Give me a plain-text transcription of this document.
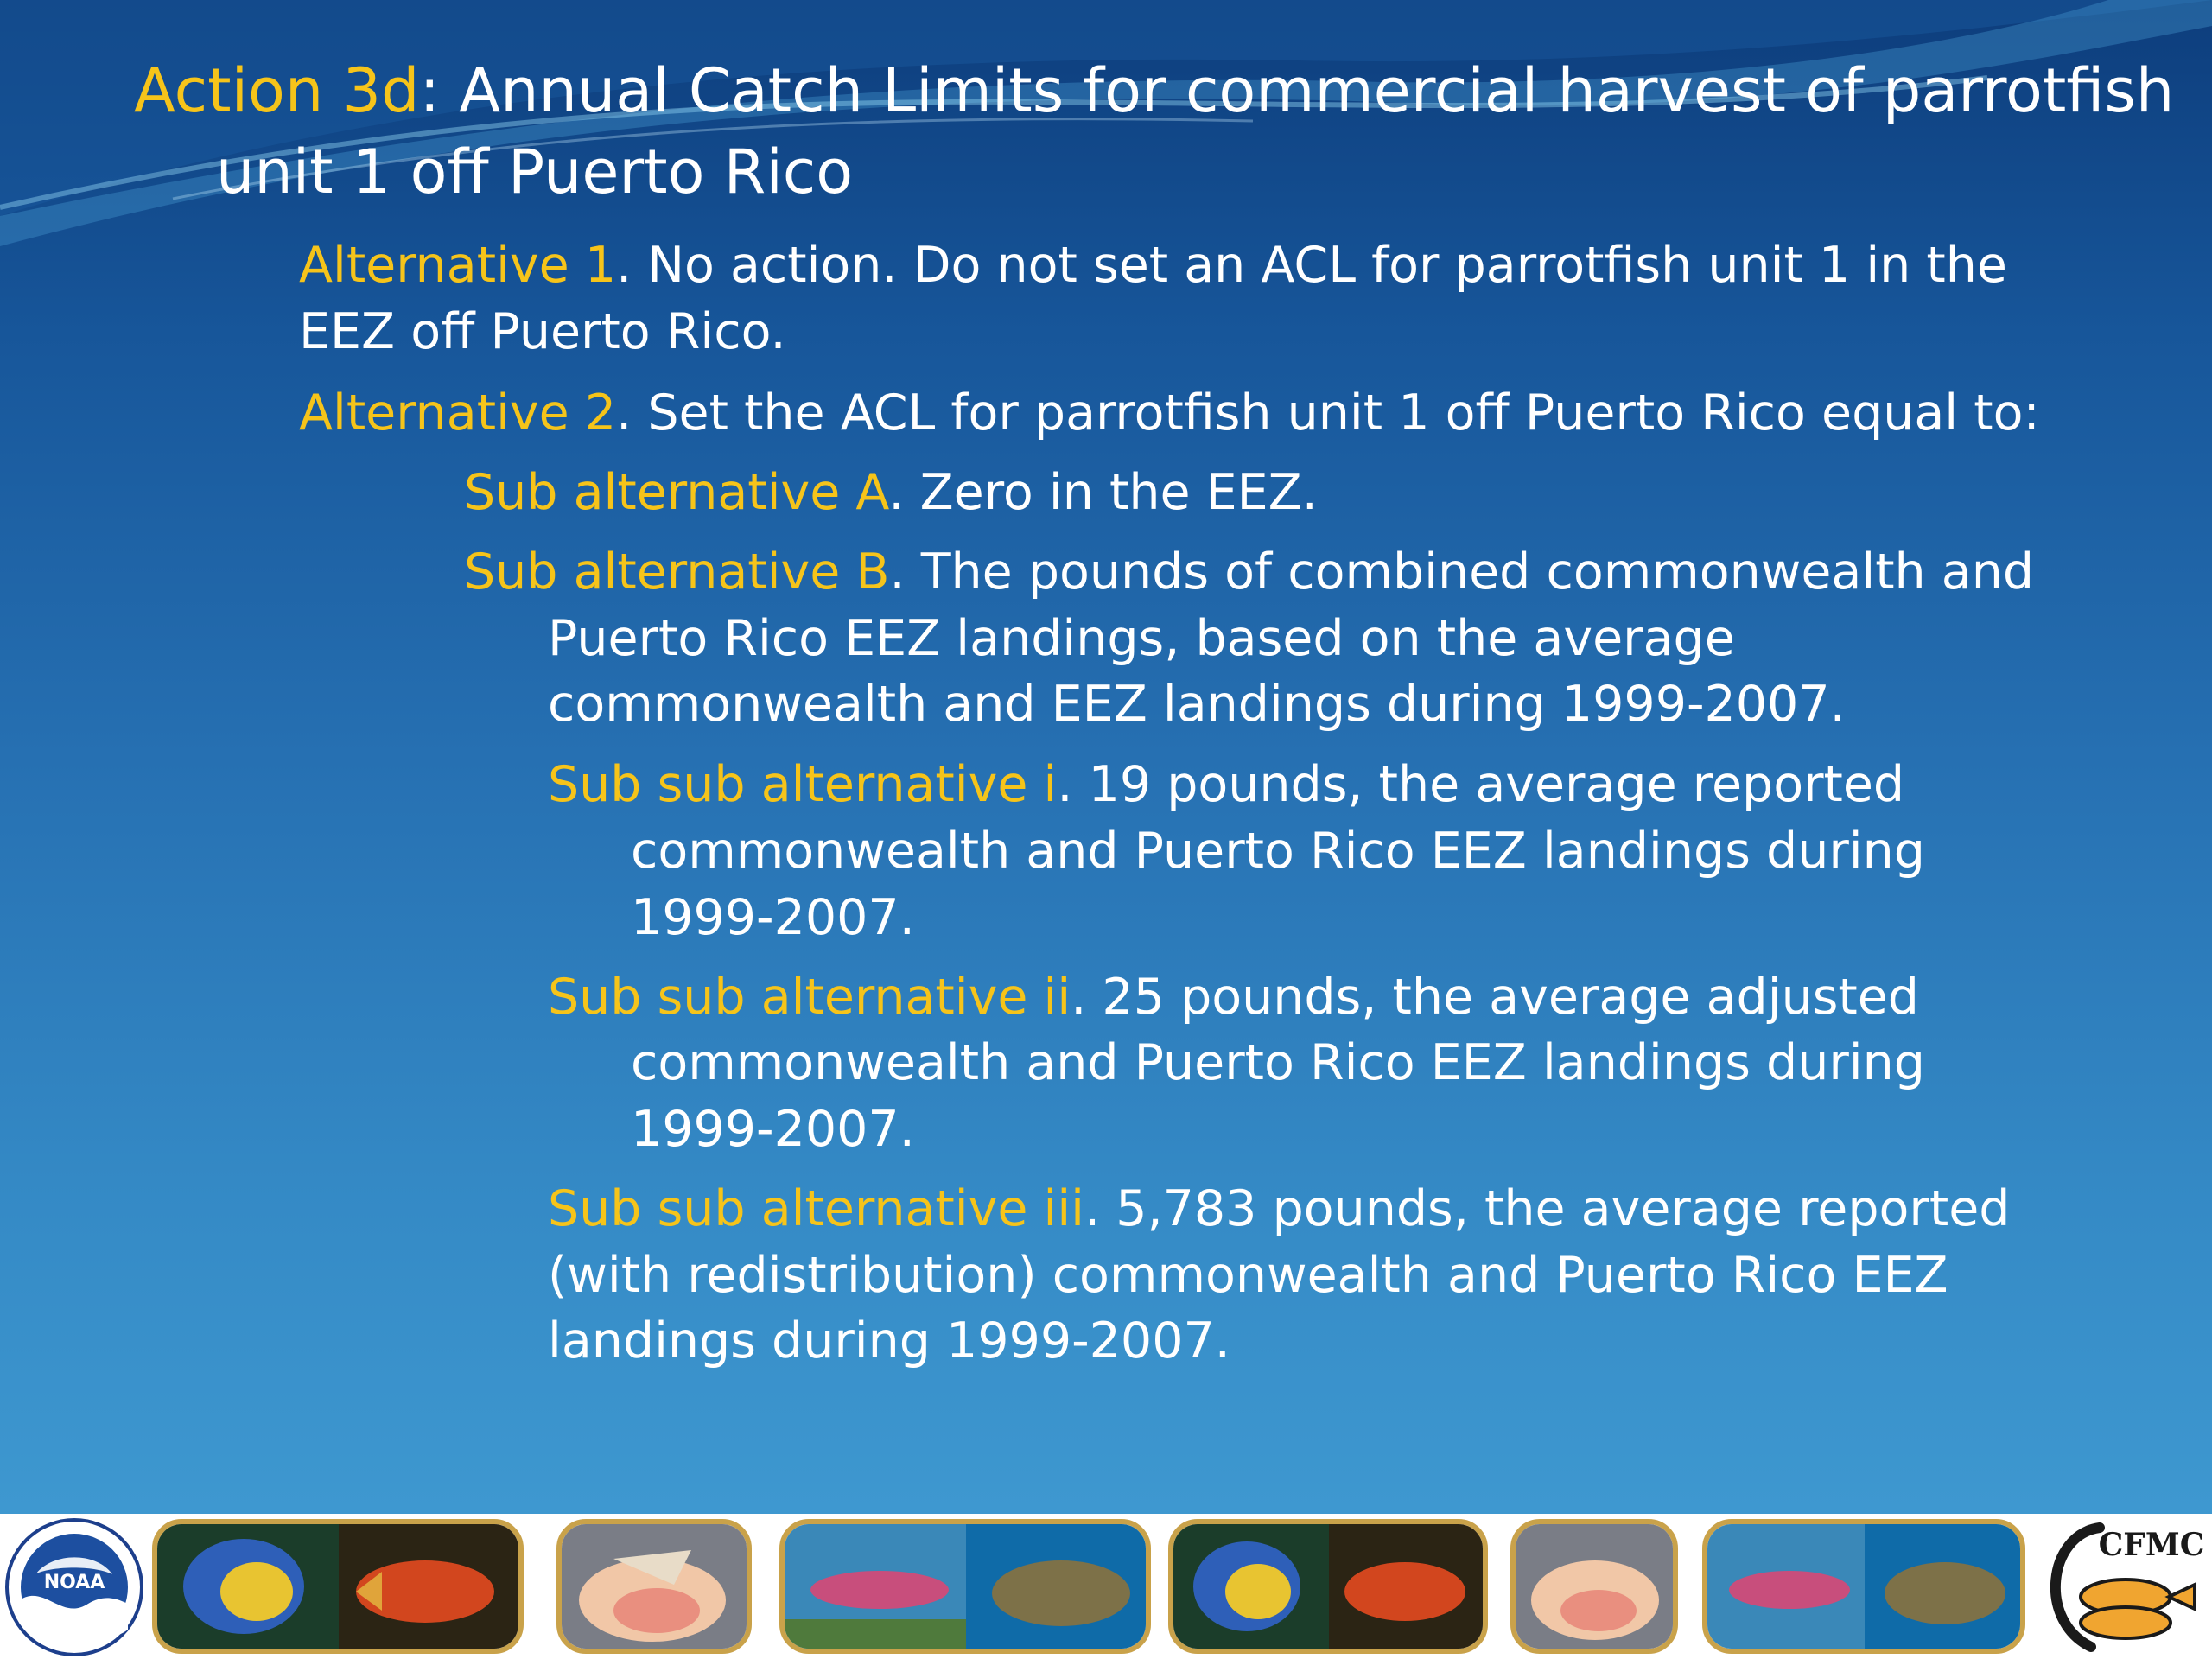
Action 3d: Annual Catch Limits for commercial harvest of parrotfish
unit 1 off Puerto Rico
Alternative 1. No action. Do not set an ACL for parrotfish unit 1 in the
EEZ off Puerto Rico.
Alternative 2. Set the ACL for parrotfish unit 1 off Puerto Rico equal to:
Sub alternative A. Zero in the EEZ.
Sub alternative B. The pounds of combined commonwealth and
Puerto Rico EEZ landings, based on the average
commonwealth and EEZ landings during 1999-2007.
Sub sub alternative i. 19 pounds, the average reported
commonwealth and Puerto Rico EEZ landings during
1999-2007.
Sub sub alternative ii. 25 pounds, the average adjusted
commonwealth and Puerto Rico EEZ landings during
1999-2007.
Sub sub alternative iii. 5,783 pounds, the average reported
(with redistribution) commonwealth and Puerto Rico EEZ
landings during 1999-2007.
NOAA
CFMC
